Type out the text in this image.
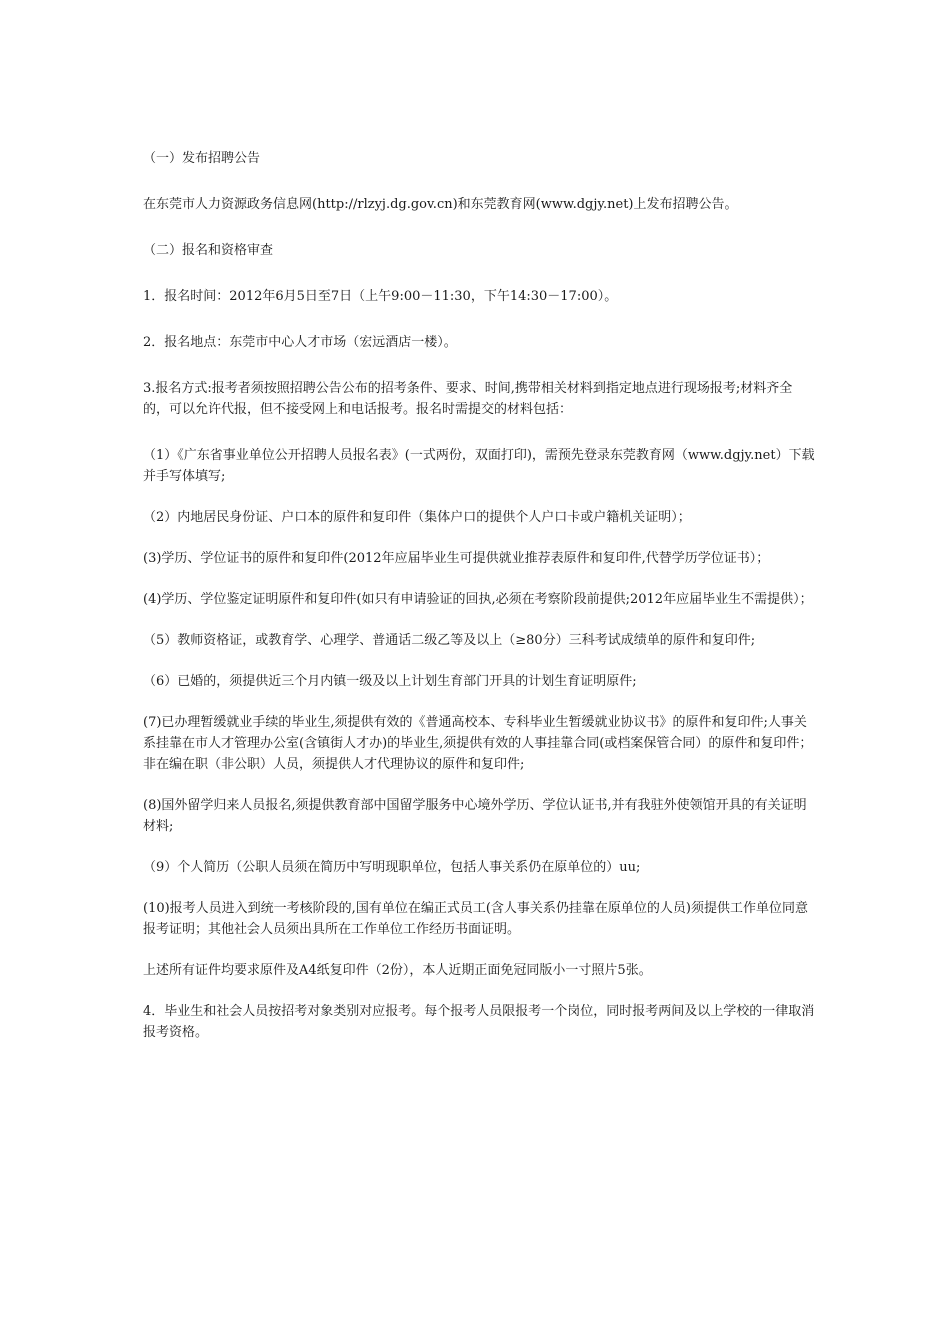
（一）发布招聘公告

在东莞市人力资源政务信息网(http://rlzyj.dg.gov.cn)和东莞教育网(www.dgjy.net)上发布招聘公告。

（二）报名和资格审查

1．报名时间：2012年6月5日至7日（上午9:00－11:30，下午14:30－17:00）。

2．报名地点：东莞市中心人才市场（宏远酒店一楼）。

3.报名方式:报考者须按照招聘公告公布的招考条件、要求、时间,携带相关材料到指定地点进行现场报考;材料齐全的，可以允许代报，但不接受网上和电话报考。报名时需提交的材料包括：

（1）《广东省事业单位公开招聘人员报名表》(一式两份，双面打印)，需预先登录东莞教育网（www.dgjy.net）下载并手写体填写;

（2）内地居民身份证、户口本的原件和复印件（集体户口的提供个人户口卡或户籍机关证明）；

(3)学历、学位证书的原件和复印件(2012年应届毕业生可提供就业推荐表原件和复印件,代替学历学位证书）；

(4)学历、学位鉴定证明原件和复印件(如只有申请验证的回执,必须在考察阶段前提供;2012年应届毕业生不需提供）；

（5）教师资格证，或教育学、心理学、普通话二级乙等及以上（≥80分）三科考试成绩单的原件和复印件;

（6）已婚的，须提供近三个月内镇一级及以上计划生育部门开具的计划生育证明原件;

(7)已办理暂缓就业手续的毕业生,须提供有效的《普通高校本、专科毕业生暂缓就业协议书》的原件和复印件;人事关系挂靠在市人才管理办公室(含镇街人才办)的毕业生,须提供有效的人事挂靠合同(或档案保管合同）的原件和复印件；非在编在职（非公职）人员，须提供人才代理协议的原件和复印件;

(8)国外留学归来人员报名,须提供教育部中国留学服务中心境外学历、学位认证书,并有我驻外使领馆开具的有关证明材料;

（9）个人简历（公职人员须在简历中写明现职单位，包括人事关系仍在原单位的）uu;

(10)报考人员进入到统一考核阶段的,国有单位在编正式员工(含人事关系仍挂靠在原单位的人员)须提供工作单位同意报考证明；其他社会人员须出具所在工作单位工作经历书面证明。

上述所有证件均要求原件及A4纸复印件（2份），本人近期正面免冠同版小一寸照片5张。

4．毕业生和社会人员按招考对象类别对应报考。每个报考人员限报考一个岗位，同时报考两间及以上学校的一律取消报考资格。
